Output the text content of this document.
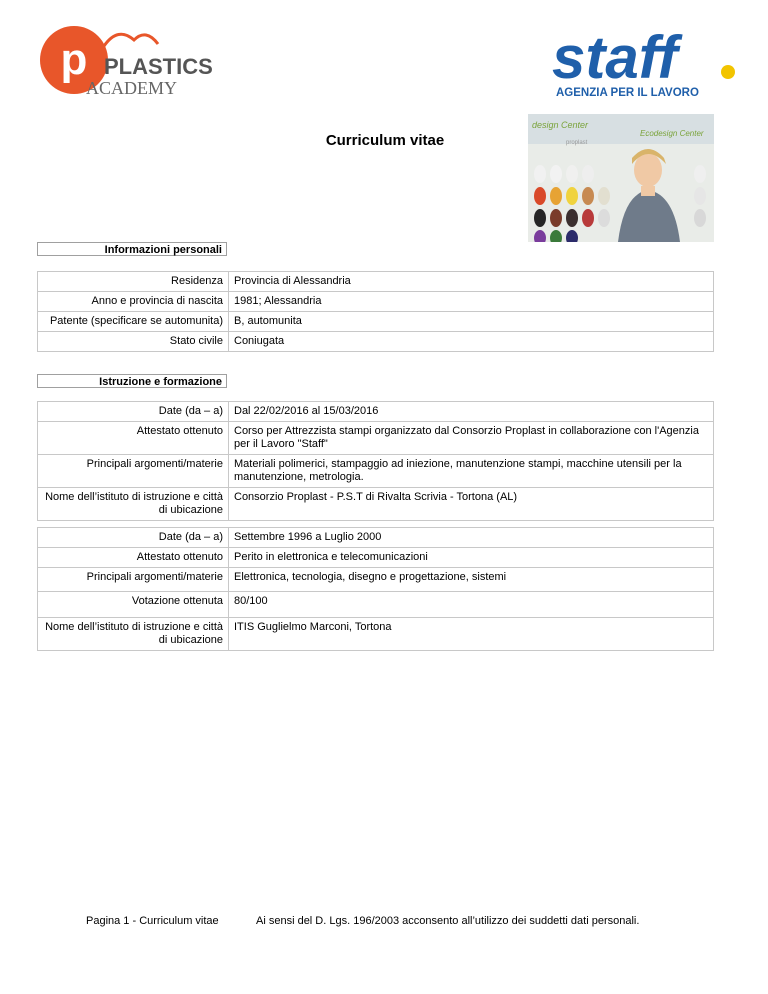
p PLASTICS
ACADEMY	staff
AGENZIA PER IL LAVORO
Curriculum vitae
design Center
Ecodesign Center
proplast
Informazioni personali
Residenza	Provincia di Alessandria
Anno e provincia di nascita	1981; Alessandria
Patente (specificare se automunita)	B, automunita
Stato civile	Coniugata
Istruzione e formazione
Date (da – a)	Dal 22/02/2016 al 15/03/2016
Attestato ottenuto	Corso per Attrezzista stampi organizzato dal Consorzio Proplast in collaborazione con l'Agenzia per il Lavoro "Staff"
Principali argomenti/materie	Materiali polimerici, stampaggio ad iniezione, manutenzione stampi, macchine utensili per la manutenzione, metrologia.
Nome dell’istituto di istruzione e città di ubicazione	Consorzio Proplast - P.S.T di Rivalta Scrivia - Tortona (AL)
Date (da – a)	Settembre 1996 a Luglio 2000
Attestato ottenuto	Perito in elettronica e telecomunicazioni
Principali argomenti/materie	Elettronica, tecnologia, disegno e progettazione, sistemi
Votazione ottenuta	80/100
Nome dell’istituto di istruzione e città di ubicazione	ITIS Guglielmo Marconi, Tortona
Pagina 1 - Curriculum vitae	Ai sensi del D. Lgs. 196/2003 acconsento all’utilizzo dei suddetti dati personali.
